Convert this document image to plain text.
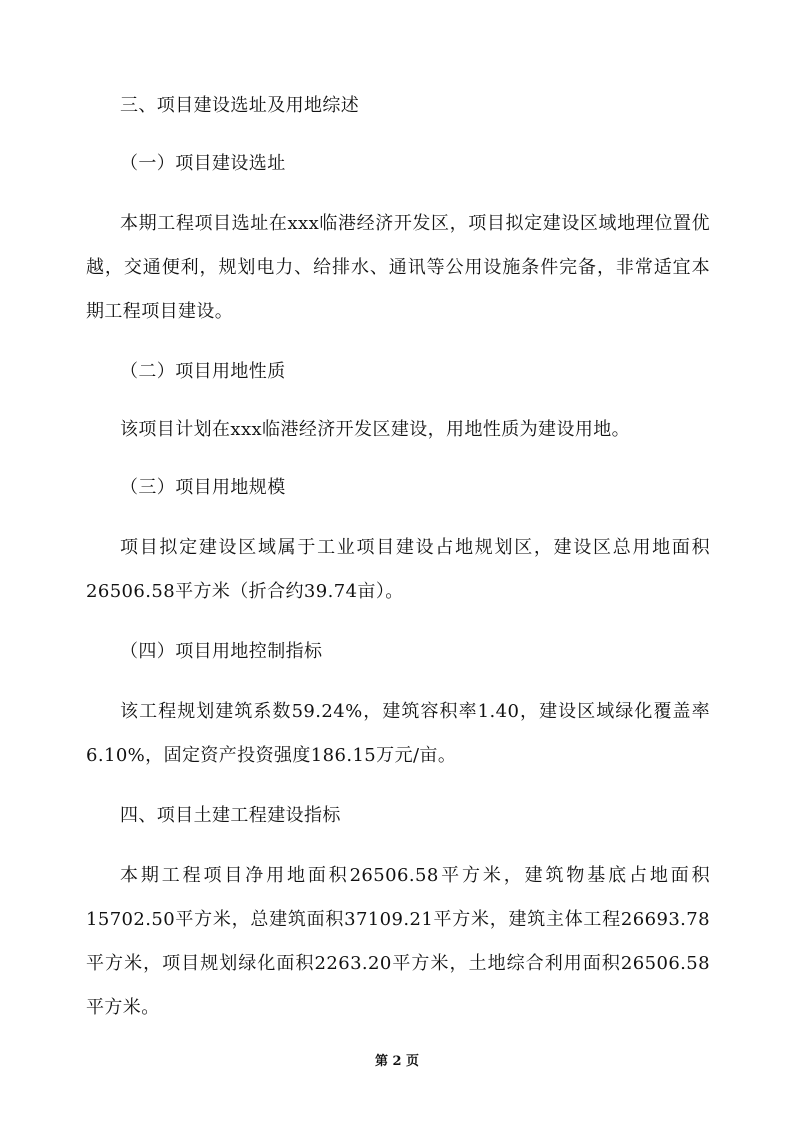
三、项目建设选址及用地综述

（一）项目建设选址

本期工程项目选址在xxx临港经济开发区，项目拟定建设区域地理位置优越，交通便利，规划电力、给排水、通讯等公用设施条件完备，非常适宜本期工程项目建设。

（二）项目用地性质

该项目计划在xxx临港经济开发区建设，用地性质为建设用地。

（三）项目用地规模

项目拟定建设区域属于工业项目建设占地规划区，建设区总用地面积26506.58平方米（折合约39.74亩）。

（四）项目用地控制指标

该工程规划建筑系数59.24%，建筑容积率1.40，建设区域绿化覆盖率6.10%，固定资产投资强度186.15万元/亩。

四、项目土建工程建设指标

本期工程项目净用地面积26506.58平方米，建筑物基底占地面积15702.50平方米，总建筑面积37109.21平方米，建筑主体工程26693.78平方米，项目规划绿化面积2263.20平方米，土地综合利用面积26506.58平方米。

第 2 页
